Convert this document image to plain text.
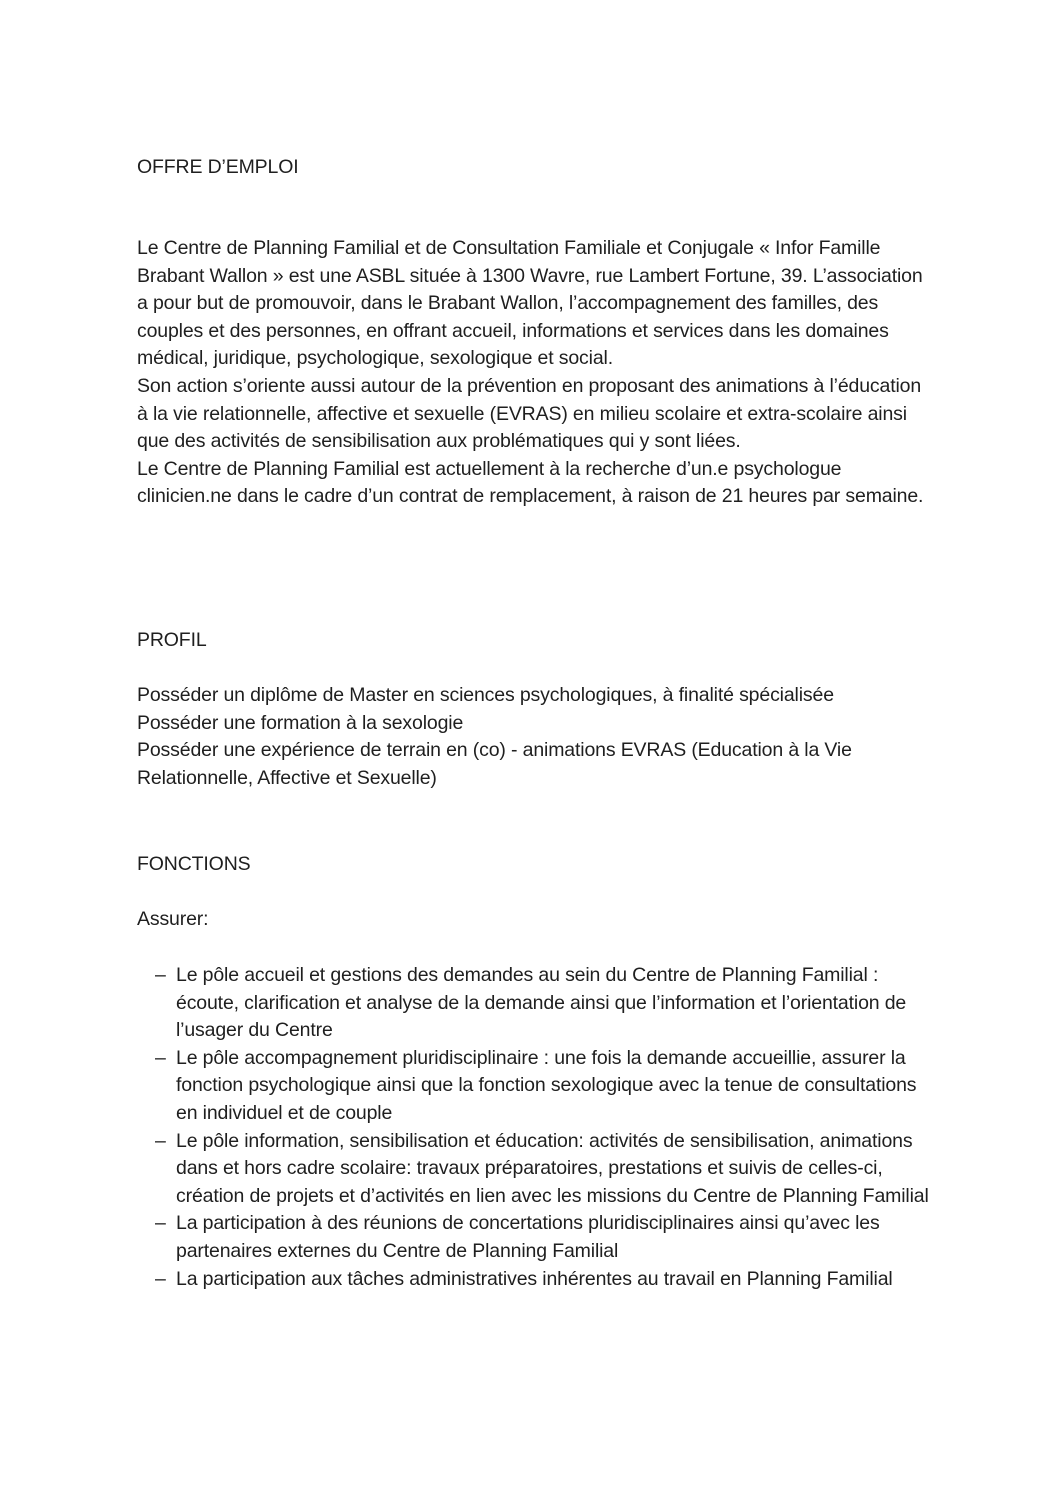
OFFRE D’EMPLOI

Le Centre de Planning Familial et de Consultation Familiale et Conjugale « Infor Famille Brabant Wallon » est une ASBL située à 1300 Wavre, rue Lambert Fortune, 39. L’association a pour but de promouvoir, dans le Brabant Wallon, l’accompagnement des familles, des couples et des personnes, en offrant accueil, informations et services dans les domaines médical, juridique, psychologique, sexologique et social.
Son action s’oriente aussi autour de la prévention en proposant des animations à l’éducation à la vie relationnelle, affective et sexuelle (EVRAS) en milieu scolaire et extra-scolaire ainsi que des activités de sensibilisation aux problématiques qui y sont liées.
Le Centre de Planning Familial est actuellement à la recherche d’un.e psychologue clinicien.ne dans le cadre d’un contrat de remplacement, à raison de 21 heures par semaine.

PROFIL

Posséder un diplôme de Master en sciences psychologiques, à finalité spécialisée
Posséder une formation à la sexologie
Posséder une expérience de terrain en (co) - animations EVRAS (Education à la Vie Relationnelle, Affective et Sexuelle)

FONCTIONS

Assurer:

– Le pôle accueil et gestions des demandes au sein du Centre de Planning Familial : écoute, clarification et analyse de la demande ainsi que l’information et l’orientation de l’usager du Centre
– Le pôle accompagnement pluridisciplinaire : une fois la demande accueillie, assurer la fonction psychologique ainsi que la fonction sexologique avec la tenue de consultations en individuel et de couple
– Le pôle information, sensibilisation et éducation: activités de sensibilisation, animations dans et hors cadre scolaire: travaux préparatoires, prestations et suivis de celles-ci, création de projets et d’activités en lien avec les missions du Centre de Planning Familial
– La participation à des réunions de concertations pluridisciplinaires ainsi qu’avec les partenaires externes du Centre de Planning Familial
– La participation aux tâches administratives inhérentes au travail en Planning Familial
